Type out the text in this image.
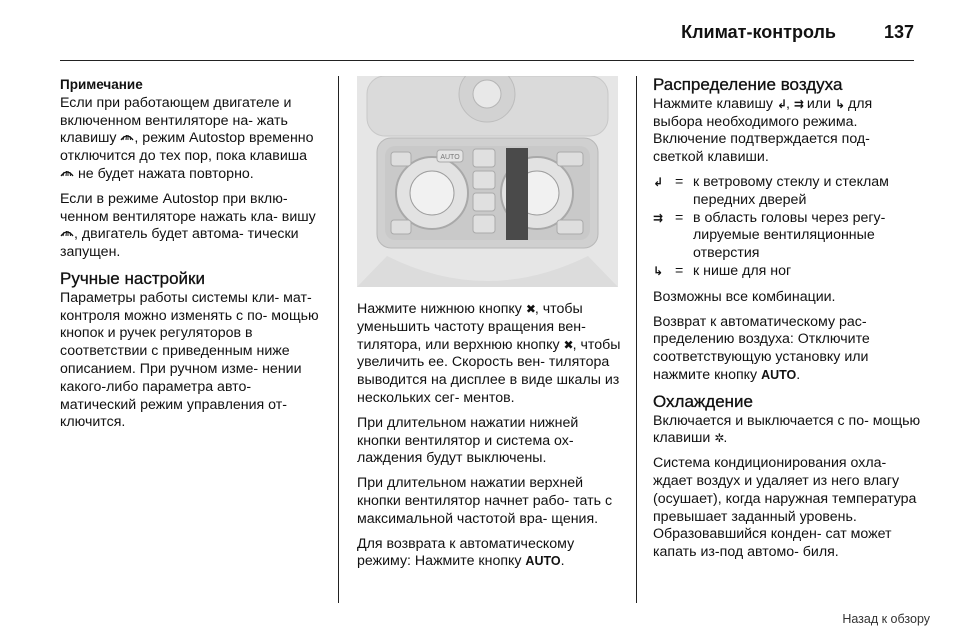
Климат-контроль	137
Примечание

Если при работающем двигателе и включенном вентиляторе на- жать клавишу , режим Autostop временно отключится до тех пор, пока клавиша  не будет нажата повторно.

Если в режиме Autostop при вклю- ченном вентиляторе нажать кла- вишу , двигатель будет автома- тически запущен.

Ручные настройки

Параметры работы системы кли- мат-контроля можно изменять с по- мощью кнопок и ручек регуляторов в соответствии с приведенным ниже описанием. При ручном изме- нении какого-либо параметра авто- матический режим управления от- ключится.

AUTO

Нажмите нижнюю кнопку ✖, чтобы уменьшить частоту вращения вен- тилятора, или верхнюю кнопку ✖, чтобы увеличить ее. Скорость вен- тилятора выводится на дисплее в виде шкалы из нескольких сег- ментов.

При длительном нажатии нижней кнопки вентилятор и система ох- лаждения будут выключены.

При длительном нажатии верхней кнопки вентилятор начнет рабо- тать с максимальной частотой вра- щения.

Для возврата к автоматическому режиму: Нажмите кнопку AUTO.

Распределение воздуха

Нажмите клавишу ↲, ⇉ или ↳ для выбора необходимого режима. Включение подтверждается под- светкой клавиши.

↲ = к ветровому стеклу и стеклам передних дверей
⇉ = в область головы через регу- лируемые вентиляционные отверстия
↳ = к нише для ног

Возможны все комбинации.

Возврат к автоматическому рас- пределению воздуха: Отключите соответствующую установку или нажмите кнопку AUTO.

Охлаждение

Включается и выключается с по- мощью клавиши ✲.

Система кондиционирования охла- ждает воздух и удаляет из него влагу (осушает), когда наружная температура превышает заданный уровень. Образовавшийся конден- сат может капать из-под автомо- биля.

Назад к обзору
